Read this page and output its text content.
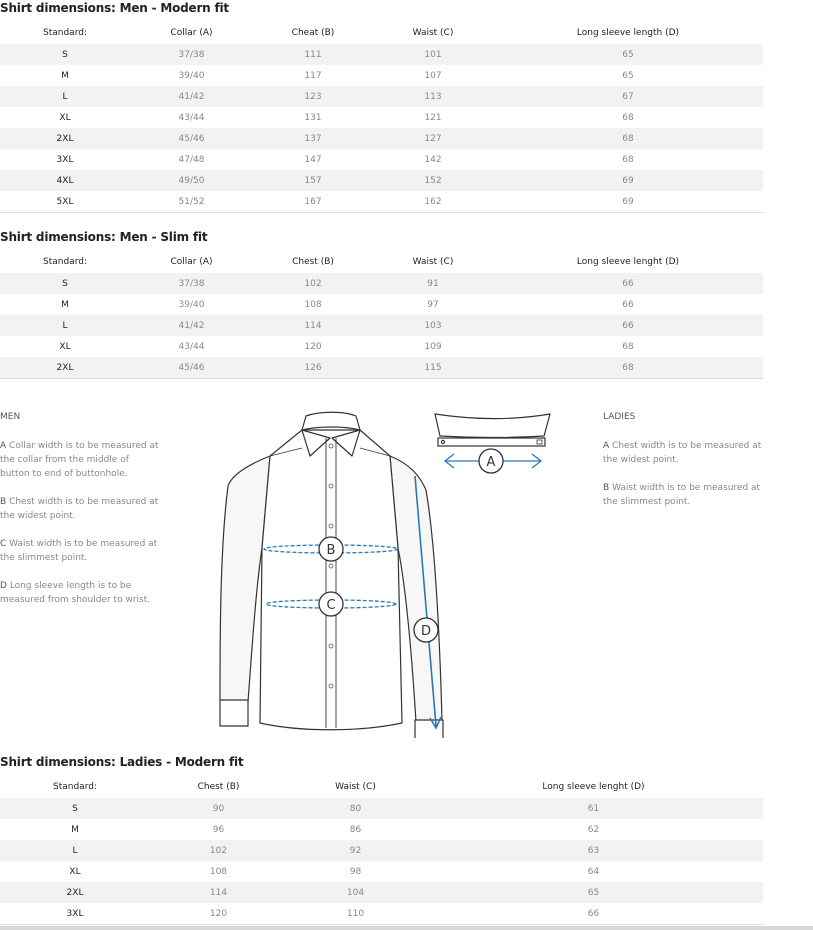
Shirt dimensions: Men - Modern fit
Standard:	Collar (A)	Cheat (B)	Waist (C)	Long sleeve length (D)
S	37/38	111	101	65
M	39/40	117	107	65
L	41/42	123	113	67
XL	43/44	131	121	68
2XL	45/46	137	127	68
3XL	47/48	147	142	68
4XL	49/50	157	152	69
5XL	51/52	167	162	69
Shirt dimensions: Men - Slim fit
Standard:	Collar (A)	Chest (B)	Waist (C)	Long sleeve lenght (D)
S	37/38	102	91	66
M	39/40	108	97	66
L	41/42	114	103	66
XL	43/44	120	109	68
2XL	45/46	126	115	68

MEN

A Collar width is to be measured at the collar from the middle of button to end of buttonhole.

B Chest width is to be measured at the widest point.

C Waist width is to be measured at the slimmest point.

D Long sleeve length is to be measured from shoulder to wrist.

LADIES

A Chest width is to be measured at the widest point.

B Waist width is to be measured at the slimmest point.

B
C
D
A
Shirt dimensions: Ladies - Modern fit
Standard:	Chest (B)	Waist (C)	Long sleeve lenght (D)
S	90	80	61
M	96	86	62
L	102	92	63
XL	108	98	64
2XL	114	104	65
3XL	120	110	66
